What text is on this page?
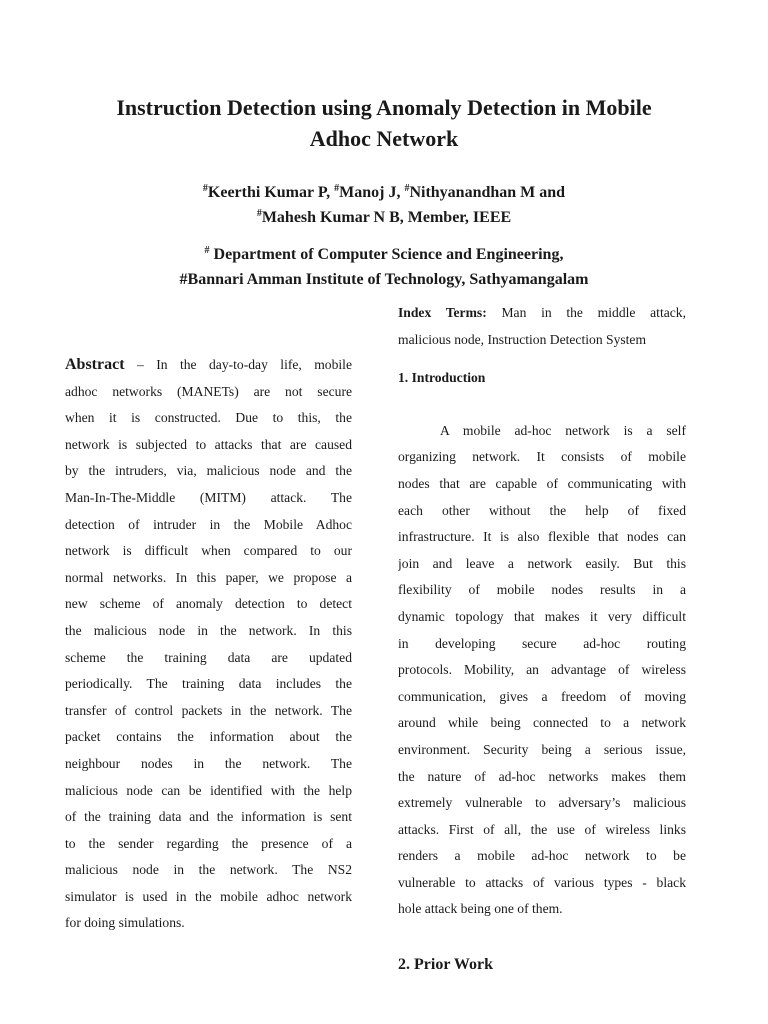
Instruction Detection using Anomaly Detection in Mobile
Adhoc Network
#Keerthi Kumar P, #Manoj J, #Nithyanandhan M and
#Mahesh Kumar N B, Member, IEEE
# Department of Computer Science and Engineering,
#Bannari Amman Institute of Technology, Sathyamangalam
Abstract – In the day-to-day life, mobile
adhoc networks (MANETs) are not secure
when it is constructed. Due to this, the
network is subjected to attacks that are caused
by the intruders, via, malicious node and the
Man-In-The-Middle (MITM) attack. The
detection of intruder in the Mobile Adhoc
network is difficult when compared to our
normal networks. In this paper, we propose a
new scheme of anomaly detection to detect
the malicious node in the network. In this
scheme the training data are updated
periodically. The training data includes the
transfer of control packets in the network. The
packet contains the information about the
neighbour nodes in the network. The
malicious node can be identified with the help
of the training data and the information is sent
to the sender regarding the presence of a
malicious node in the network. The NS2
simulator is used in the mobile adhoc network
for doing simulations.
Index Terms: Man in the middle attack,
malicious node, Instruction Detection System
1. Introduction
A mobile ad-hoc network is a self
organizing network. It consists of mobile
nodes that are capable of communicating with
each other without the help of fixed
infrastructure. It is also flexible that nodes can
join and leave a network easily. But this
flexibility of mobile nodes results in a
dynamic topology that makes it very difficult
in developing secure ad-hoc routing
protocols. Mobility, an advantage of wireless
communication, gives a freedom of moving
around while being connected to a network
environment. Security being a serious issue,
the nature of ad-hoc networks makes them
extremely vulnerable to adversary’s malicious
attacks. First of all, the use of wireless links
renders a mobile ad-hoc network to be
vulnerable to attacks of various types - black
hole attack being one of them.
2. Prior Work
